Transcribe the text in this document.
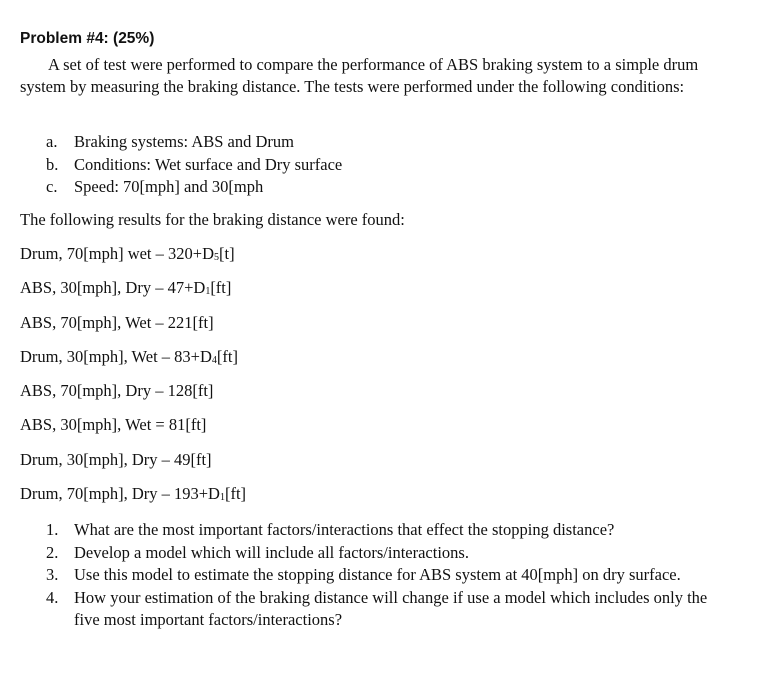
Problem #4: (25%)

A set of test were performed to compare the performance of ABS braking system to a simple drum system by measuring the braking distance. The tests were performed under the following conditions:

a.	Braking systems: ABS and Drum
b. Conditions: Wet surface and Dry surface
c.	Speed: 70[mph] and 30[mph

The following results for the braking distance were found:

Drum, 70[mph] wet – $320+D_5[t]$
ABS, 30[mph], Dry – $47+D_1[ft]$
ABS, 70[mph], Wet – 221[ft]
Drum, 30[mph], Wet – $83+D_4[ft]$
ABS, 70[mph], Dry – 128[ft]
ABS, 30[mph], Wet = 81[ft]
Drum, 30[mph], Dry – 49[ft]
Drum, 70[mph], Dry – $193+D_1[ft]$
1. What are the most important factors/interactions that effect the stopping distance?
2. Develop a model which will include all factors/interactions.
3. Use this model to estimate the stopping distance for ABS system at 40[mph] on dry surface.
4. How your estimation of the braking distance will change if use a model which includes only the five most important factors/interactions?
